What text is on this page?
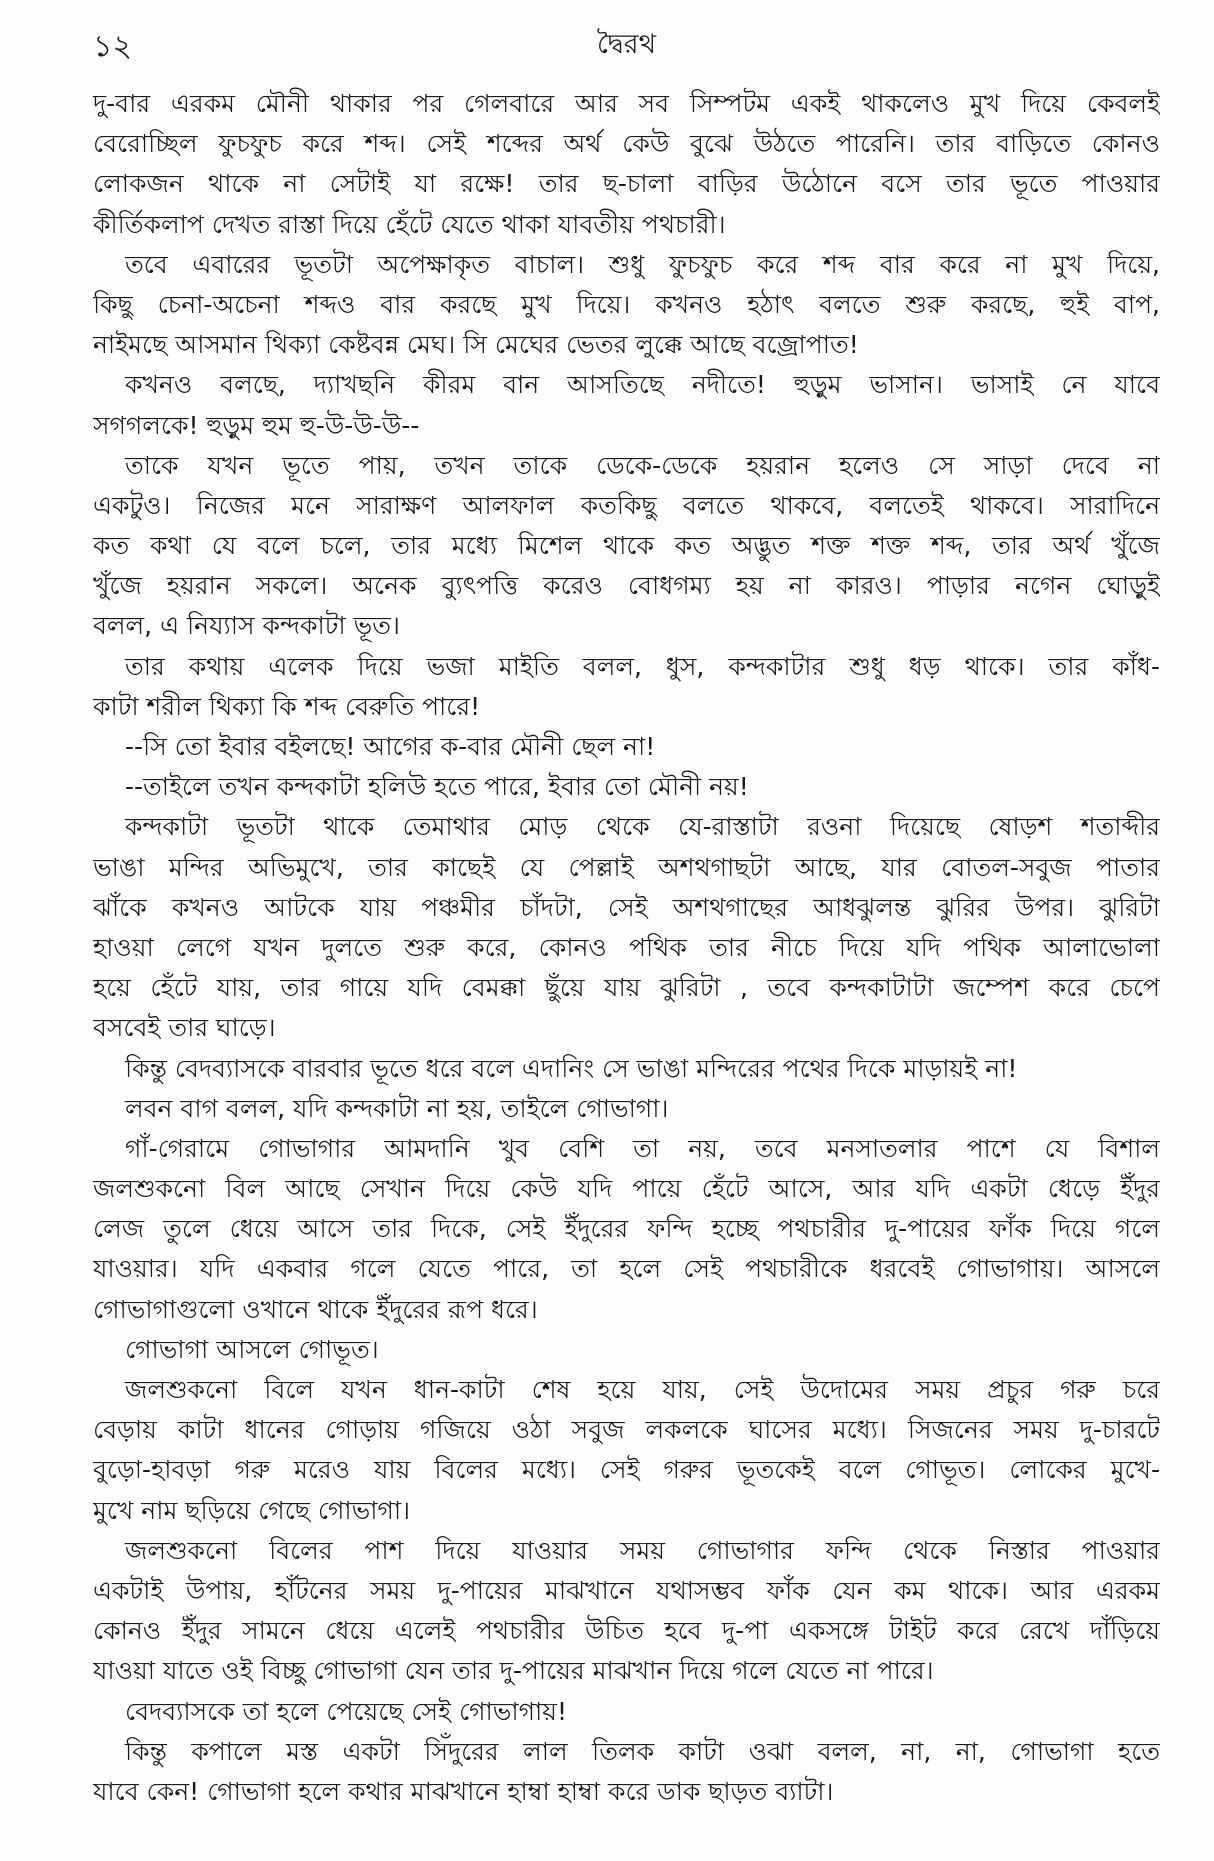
১২	দ্বৈরথ
দু-বার এরকম মৌনী থাকার পর গেলবারে আর সব সিম্পটম একই থাকলেও মুখ দিয়ে কেবলই
বেরোচ্ছিল ফুচফুচ করে শব্দ। সেই শব্দের অর্থ কেউ বুঝে উঠতে পারেনি। তার বাড়িতে কোনও
লোকজন থাকে না সেটাই যা রক্ষে! তার ছ-চালা বাড়ির উঠোনে বসে তার ভূতে পাওয়ার
কীর্তিকলাপ দেখত রাস্তা দিয়ে হেঁটে যেতে থাকা যাবতীয় পথচারী।
তবে এবারের ভূতটা অপেক্ষাকৃত বাচাল। শুধু ফুচফুচ করে শব্দ বার করে না মুখ দিয়ে,
কিছু চেনা-অচেনা শব্দও বার করছে মুখ দিয়ে। কখনও হঠাৎ বলতে শুরু করছে, হুই বাপ,
নাইমছে আসমান থিক্যা কেষ্টবন্ন মেঘ। সি মেঘের ভেতর লুক্কে আছে বজ্রোপাত!
কখনও বলছে, দ্যাখছনি কীরম বান আসতিছে নদীতে! হুড়ুম ভাসান। ভাসাই নে যাবে
সগগলকে! হুড়ুম হুম হু-উ-উ-উ--
তাকে যখন ভূতে পায়, তখন তাকে ডেকে-ডেকে হয়রান হলেও সে সাড়া দেবে না
একটুও। নিজের মনে সারাক্ষণ আলফাল কতকিছু বলতে থাকবে, বলতেই থাকবে। সারাদিনে
কত কথা যে বলে চলে, তার মধ্যে মিশেল থাকে কত অদ্ভুত শক্ত শক্ত শব্দ, তার অর্থ খুঁজে
খুঁজে হয়রান সকলে। অনেক ব্যুৎপত্তি করেও বোধগম্য হয় না কারও। পাড়ার নগেন ঘোড়ুই
বলল, এ নিয্যাস কন্দকাটা ভূত।
তার কথায় এলেক দিয়ে ভজা মাইতি বলল, ধুস, কন্দকাটার শুধু ধড় থাকে। তার কাঁধ-
কাটা শরীল থিক্যা কি শব্দ বেরুতি পারে!
--সি তো ইবার বইলছে! আগের ক-বার মৌনী ছেল না!
--তাইলে তখন কন্দকাটা হলিউ হতে পারে, ইবার তো মৌনী নয়!
কন্দকাটা ভূতটা থাকে তেমাথার মোড় থেকে যে-রাস্তাটা রওনা দিয়েছে ষোড়শ শতাব্দীর
ভাঙা মন্দির অভিমুখে, তার কাছেই যে পেল্লাই অশথগাছটা আছে, যার বোতল-সবুজ পাতার
ঝাঁকে কখনও আটকে যায় পঞ্চমীর চাঁদটা, সেই অশথগাছের আধঝুলন্ত ঝুরির উপর। ঝুরিটা
হাওয়া লেগে যখন দুলতে শুরু করে, কোনও পথিক তার নীচে দিয়ে যদি পথিক আলাভোলা
হয়ে হেঁটে যায়, তার গায়ে যদি বেমক্কা ছুঁয়ে যায় ঝুরিটা , তবে কন্দকাটাটা জম্পেশ করে চেপে
বসবেই তার ঘাড়ে।
কিন্তু বেদব্যাসকে বারবার ভূতে ধরে বলে এদানিং সে ভাঙা মন্দিরের পথের দিকে মাড়ায়ই না!
লবন বাগ বলল, যদি কন্দকাটা না হয়, তাইলে গোভাগা।
গাঁ-গেরামে গোভাগার আমদানি খুব বেশি তা নয়, তবে মনসাতলার পাশে যে বিশাল
জলশুকনো বিল আছে সেখান দিয়ে কেউ যদি পায়ে হেঁটে আসে, আর যদি একটা ধেড়ে ইঁদুর
লেজ তুলে ধেয়ে আসে তার দিকে, সেই ইঁদুরের ফন্দি হচ্ছে পথচারীর দু-পায়ের ফাঁক দিয়ে গলে
যাওয়ার। যদি একবার গলে যেতে পারে, তা হলে সেই পথচারীকে ধরবেই গোভাগায়। আসলে
গোভাগাগুলো ওখানে থাকে ইঁদুরের রূপ ধরে।
গোভাগা আসলে গোভূত।
জলশুকনো বিলে যখন ধান-কাটা শেষ হয়ে যায়, সেই উদোমের সময় প্রচুর গরু চরে
বেড়ায় কাটা ধানের গোড়ায় গজিয়ে ওঠা সবুজ লকলকে ঘাসের মধ্যে। সিজনের সময় দু-চারটে
বুড়ো-হাবড়া গরু মরেও যায় বিলের মধ্যে। সেই গরুর ভূতকেই বলে গোভূত। লোকের মুখে-
মুখে নাম ছড়িয়ে গেছে গোভাগা।
জলশুকনো বিলের পাশ দিয়ে যাওয়ার সময় গোভাগার ফন্দি থেকে নিস্তার পাওয়ার
একটাই উপায়, হাঁটনের সময় দু-পায়ের মাঝখানে যথাসম্ভব ফাঁক যেন কম থাকে। আর এরকম
কোনও ইঁদুর সামনে ধেয়ে এলেই পথচারীর উচিত হবে দু-পা একসঙ্গে টাইট করে রেখে দাঁড়িয়ে
যাওয়া যাতে ওই বিচ্ছু গোভাগা যেন তার দু-পায়ের মাঝখান দিয়ে গলে যেতে না পারে।
বেদব্যাসকে তা হলে পেয়েছে সেই গোভাগায়!
কিন্তু কপালে মস্ত একটা সিঁদুরের লাল তিলক কাটা ওঝা বলল, না, না, গোভাগা হতে
যাবে কেন! গোভাগা হলে কথার মাঝখানে হাম্বা হাম্বা করে ডাক ছাড়ত ব্যাটা।
